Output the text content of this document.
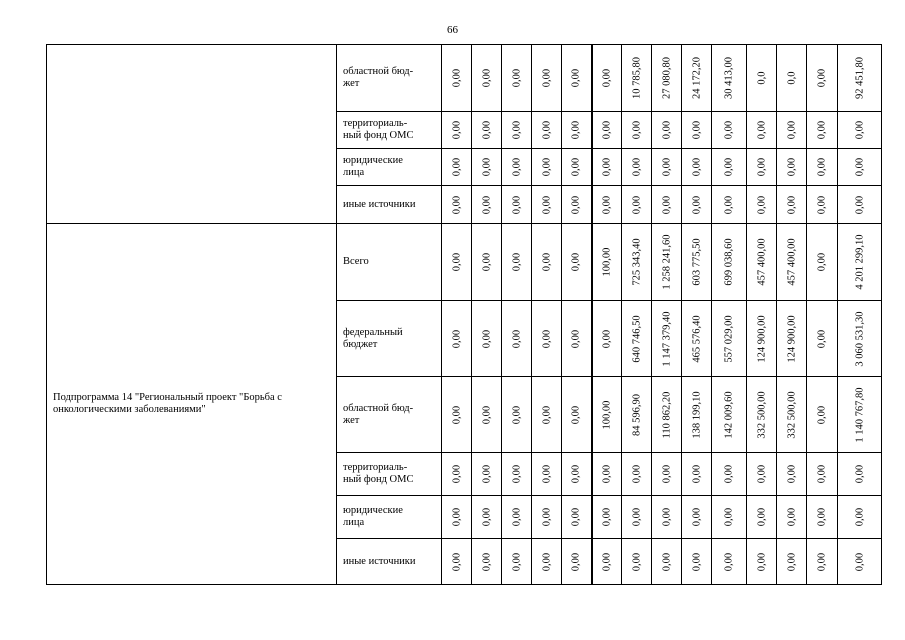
66
	областной бюд-
жет	0,00	0,00	0,00	0,00	0,00	0,00	10 785,80	27 080,80	24 172,20	30 413,00	0,0	0,0	0,00	92 451,80

	территориаль-
ный фонд ОМС	0,00	0,00	0,00	0,00	0,00	0,00	0,00	0,00	0,00	0,00	0,00	0,00	0,00	0,00

	юридические
лица	0,00	0,00	0,00	0,00	0,00	0,00	0,00	0,00	0,00	0,00	0,00	0,00	0,00	0,00

	иные источники	0,00	0,00	0,00	0,00	0,00	0,00	0,00	0,00	0,00	0,00	0,00	0,00	0,00	0,00

Подпрограмма 14 "Региональный проект "Борьба с онкологическими заболеваниями"	Всего	0,00	0,00	0,00	0,00	0,00	100,00	725 343,40	1 258 241,60	603 775,50	699 038,60	457 400,00	457 400,00	0,00	4 201 299,10

	федеральный
бюджет	0,00	0,00	0,00	0,00	0,00	0,00	640 746,50	1 147 379,40	465 576,40	557 029,00	124 900,00	124 900,00	0,00	3 060 531,30

	областной бюд-
жет	0,00	0,00	0,00	0,00	0,00	100,00	84 596,90	110 862,20	138 199,10	142 009,60	332 500,00	332 500,00	0,00	1 140 767,80

	территориаль-
ный фонд ОМС	0,00	0,00	0,00	0,00	0,00	0,00	0,00	0,00	0,00	0,00	0,00	0,00	0,00	0,00

	юридические
лица	0,00	0,00	0,00	0,00	0,00	0,00	0,00	0,00	0,00	0,00	0,00	0,00	0,00	0,00

	иные источники	0,00	0,00	0,00	0,00	0,00	0,00	0,00	0,00	0,00	0,00	0,00	0,00	0,00	0,00
